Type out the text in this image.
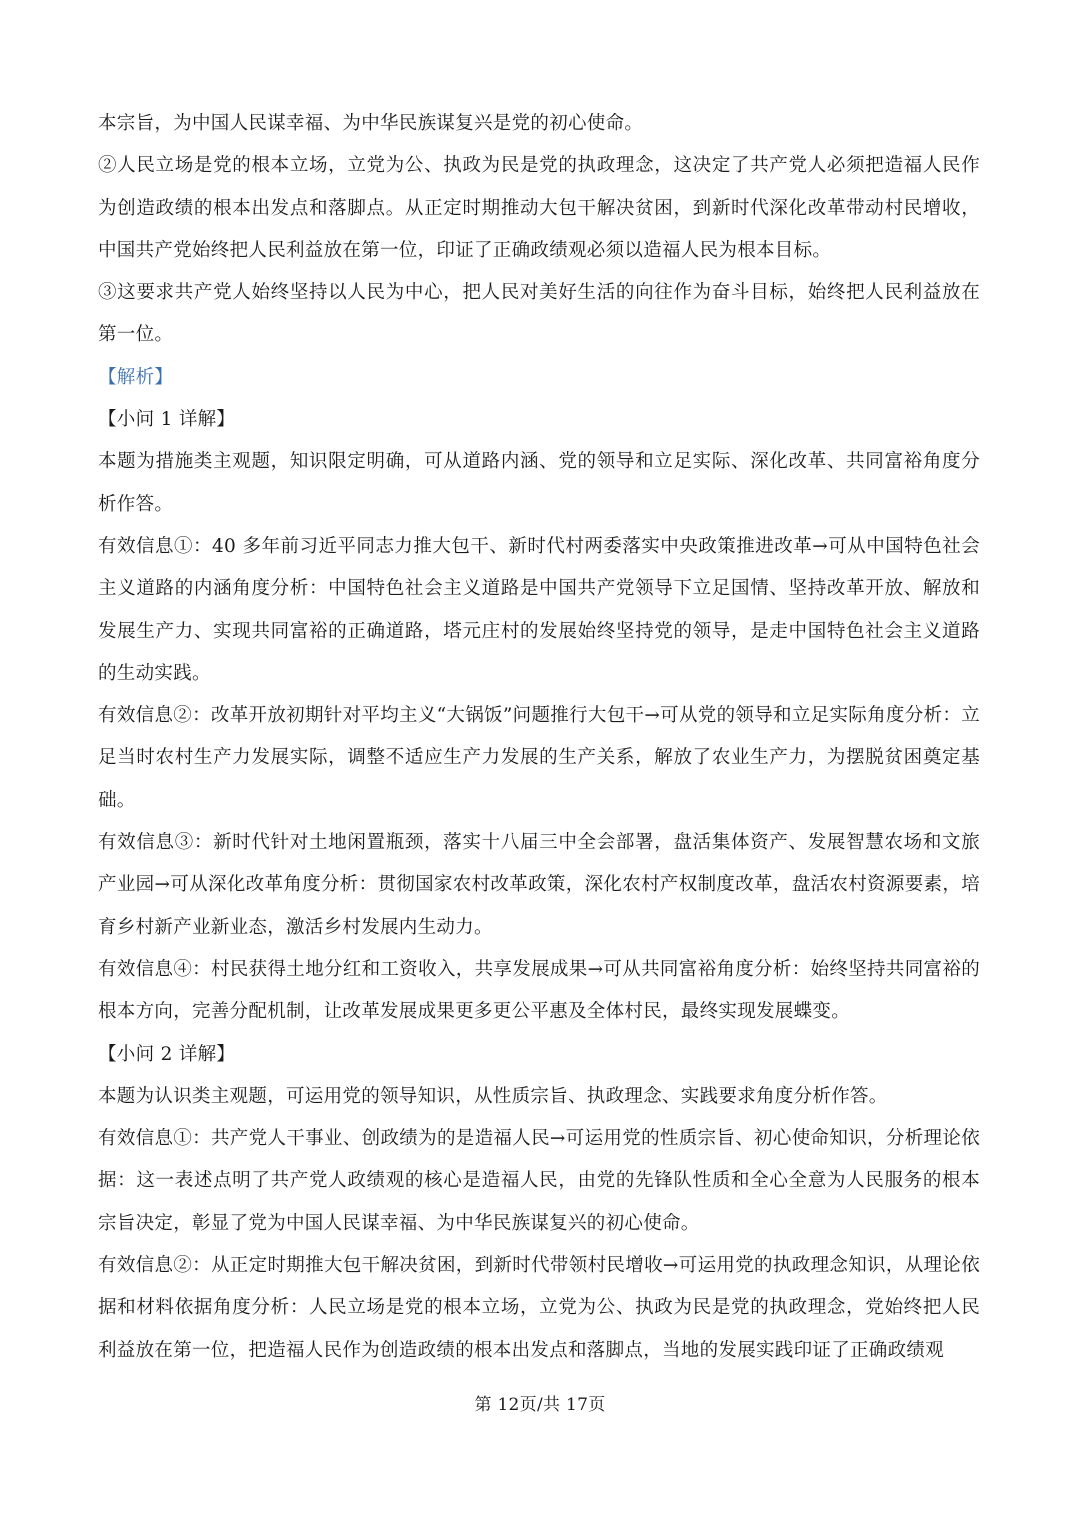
本宗旨，为中国人民谋幸福、为中华民族谋复兴是党的初心使命。

②人民立场是党的根本立场，立党为公、执政为民是党的执政理念，这决定了共产党人必须把造福人民作为创造政绩的根本出发点和落脚点。从正定时期推动大包干解决贫困，到新时代深化改革带动村民增收，中国共产党始终把人民利益放在第一位，印证了正确政绩观必须以造福人民为根本目标。

③这要求共产党人始终坚持以人民为中心，把人民对美好生活的向往作为奋斗目标，始终把人民利益放在第一位。

【解析】

【小问 1 详解】

本题为措施类主观题，知识限定明确，可从道路内涵、党的领导和立足实际、深化改革、共同富裕角度分析作答。

有效信息①：40 多年前习近平同志力推大包干、新时代村两委落实中央政策推进改革→可从中国特色社会主义道路的内涵角度分析：中国特色社会主义道路是中国共产党领导下立足国情、坚持改革开放、解放和发展生产力、实现共同富裕的正确道路，塔元庄村的发展始终坚持党的领导，是走中国特色社会主义道路的生动实践。

有效信息②：改革开放初期针对平均主义“大锅饭”问题推行大包干→可从党的领导和立足实际角度分析：立足当时农村生产力发展实际，调整不适应生产力发展的生产关系，解放了农业生产力，为摆脱贫困奠定基础。

有效信息③：新时代针对土地闲置瓶颈，落实十八届三中全会部署，盘活集体资产、发展智慧农场和文旅产业园→可从深化改革角度分析：贯彻国家农村改革政策，深化农村产权制度改革，盘活农村资源要素，培育乡村新产业新业态，激活乡村发展内生动力。

有效信息④：村民获得土地分红和工资收入，共享发展成果→可从共同富裕角度分析：始终坚持共同富裕的根本方向，完善分配机制，让改革发展成果更多更公平惠及全体村民，最终实现发展蝶变。

【小问 2 详解】

本题为认识类主观题，可运用党的领导知识，从性质宗旨、执政理念、实践要求角度分析作答。

有效信息①：共产党人干事业、创政绩为的是造福人民→可运用党的性质宗旨、初心使命知识，分析理论依据：这一表述点明了共产党人政绩观的核心是造福人民，由党的先锋队性质和全心全意为人民服务的根本宗旨决定，彰显了党为中国人民谋幸福、为中华民族谋复兴的初心使命。

有效信息②：从正定时期推大包干解决贫困，到新时代带领村民增收→可运用党的执政理念知识，从理论依据和材料依据角度分析：人民立场是党的根本立场，立党为公、执政为民是党的执政理念，党始终把人民利益放在第一位，把造福人民作为创造政绩的根本出发点和落脚点，当地的发展实践印证了正确政绩观

第 12页/共 17页
